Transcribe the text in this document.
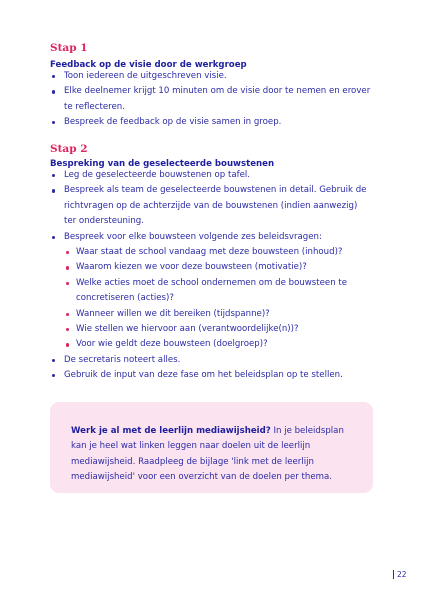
Stap 1
Feedback op de visie door de werkgroep
Toon iedereen de uitgeschreven visie.
Elke deelnemer krijgt 10 minuten om de visie door te nemen en erover te reflecteren.
Bespreek de feedback op de visie samen in groep.
Stap 2
Bespreking van de geselecteerde bouwstenen
Leg de geselecteerde bouwstenen op tafel.
Bespreek als team de geselecteerde bouwstenen in detail. Gebruik de richtvragen op de achterzijde van de bouwstenen (indien aanwezig) ter ondersteuning.
Bespreek voor elke bouwsteen volgende zes beleidsvragen:
Waar staat de school vandaag met deze bouwsteen (inhoud)?
Waarom kiezen we voor deze bouwsteen (motivatie)?
Welke acties moet de school ondernemen om de bouwsteen te concretiseren (acties)?
Wanneer willen we dit bereiken (tijdspanne)?
Wie stellen we hiervoor aan (verantwoordelijke(n))?
Voor wie geldt deze bouwsteen (doelgroep)?
De secretaris noteert alles.
Gebruik de input van deze fase om het beleidsplan op te stellen.

Werk je al met de leerlijn mediawijsheid? In je beleidsplan kan je heel wat linken leggen naar doelen uit de leerlijn mediawijsheid. Raadpleeg de bijlage 'link met de leerlijn mediawijsheid' voor een overzicht van de doelen per thema.

22
